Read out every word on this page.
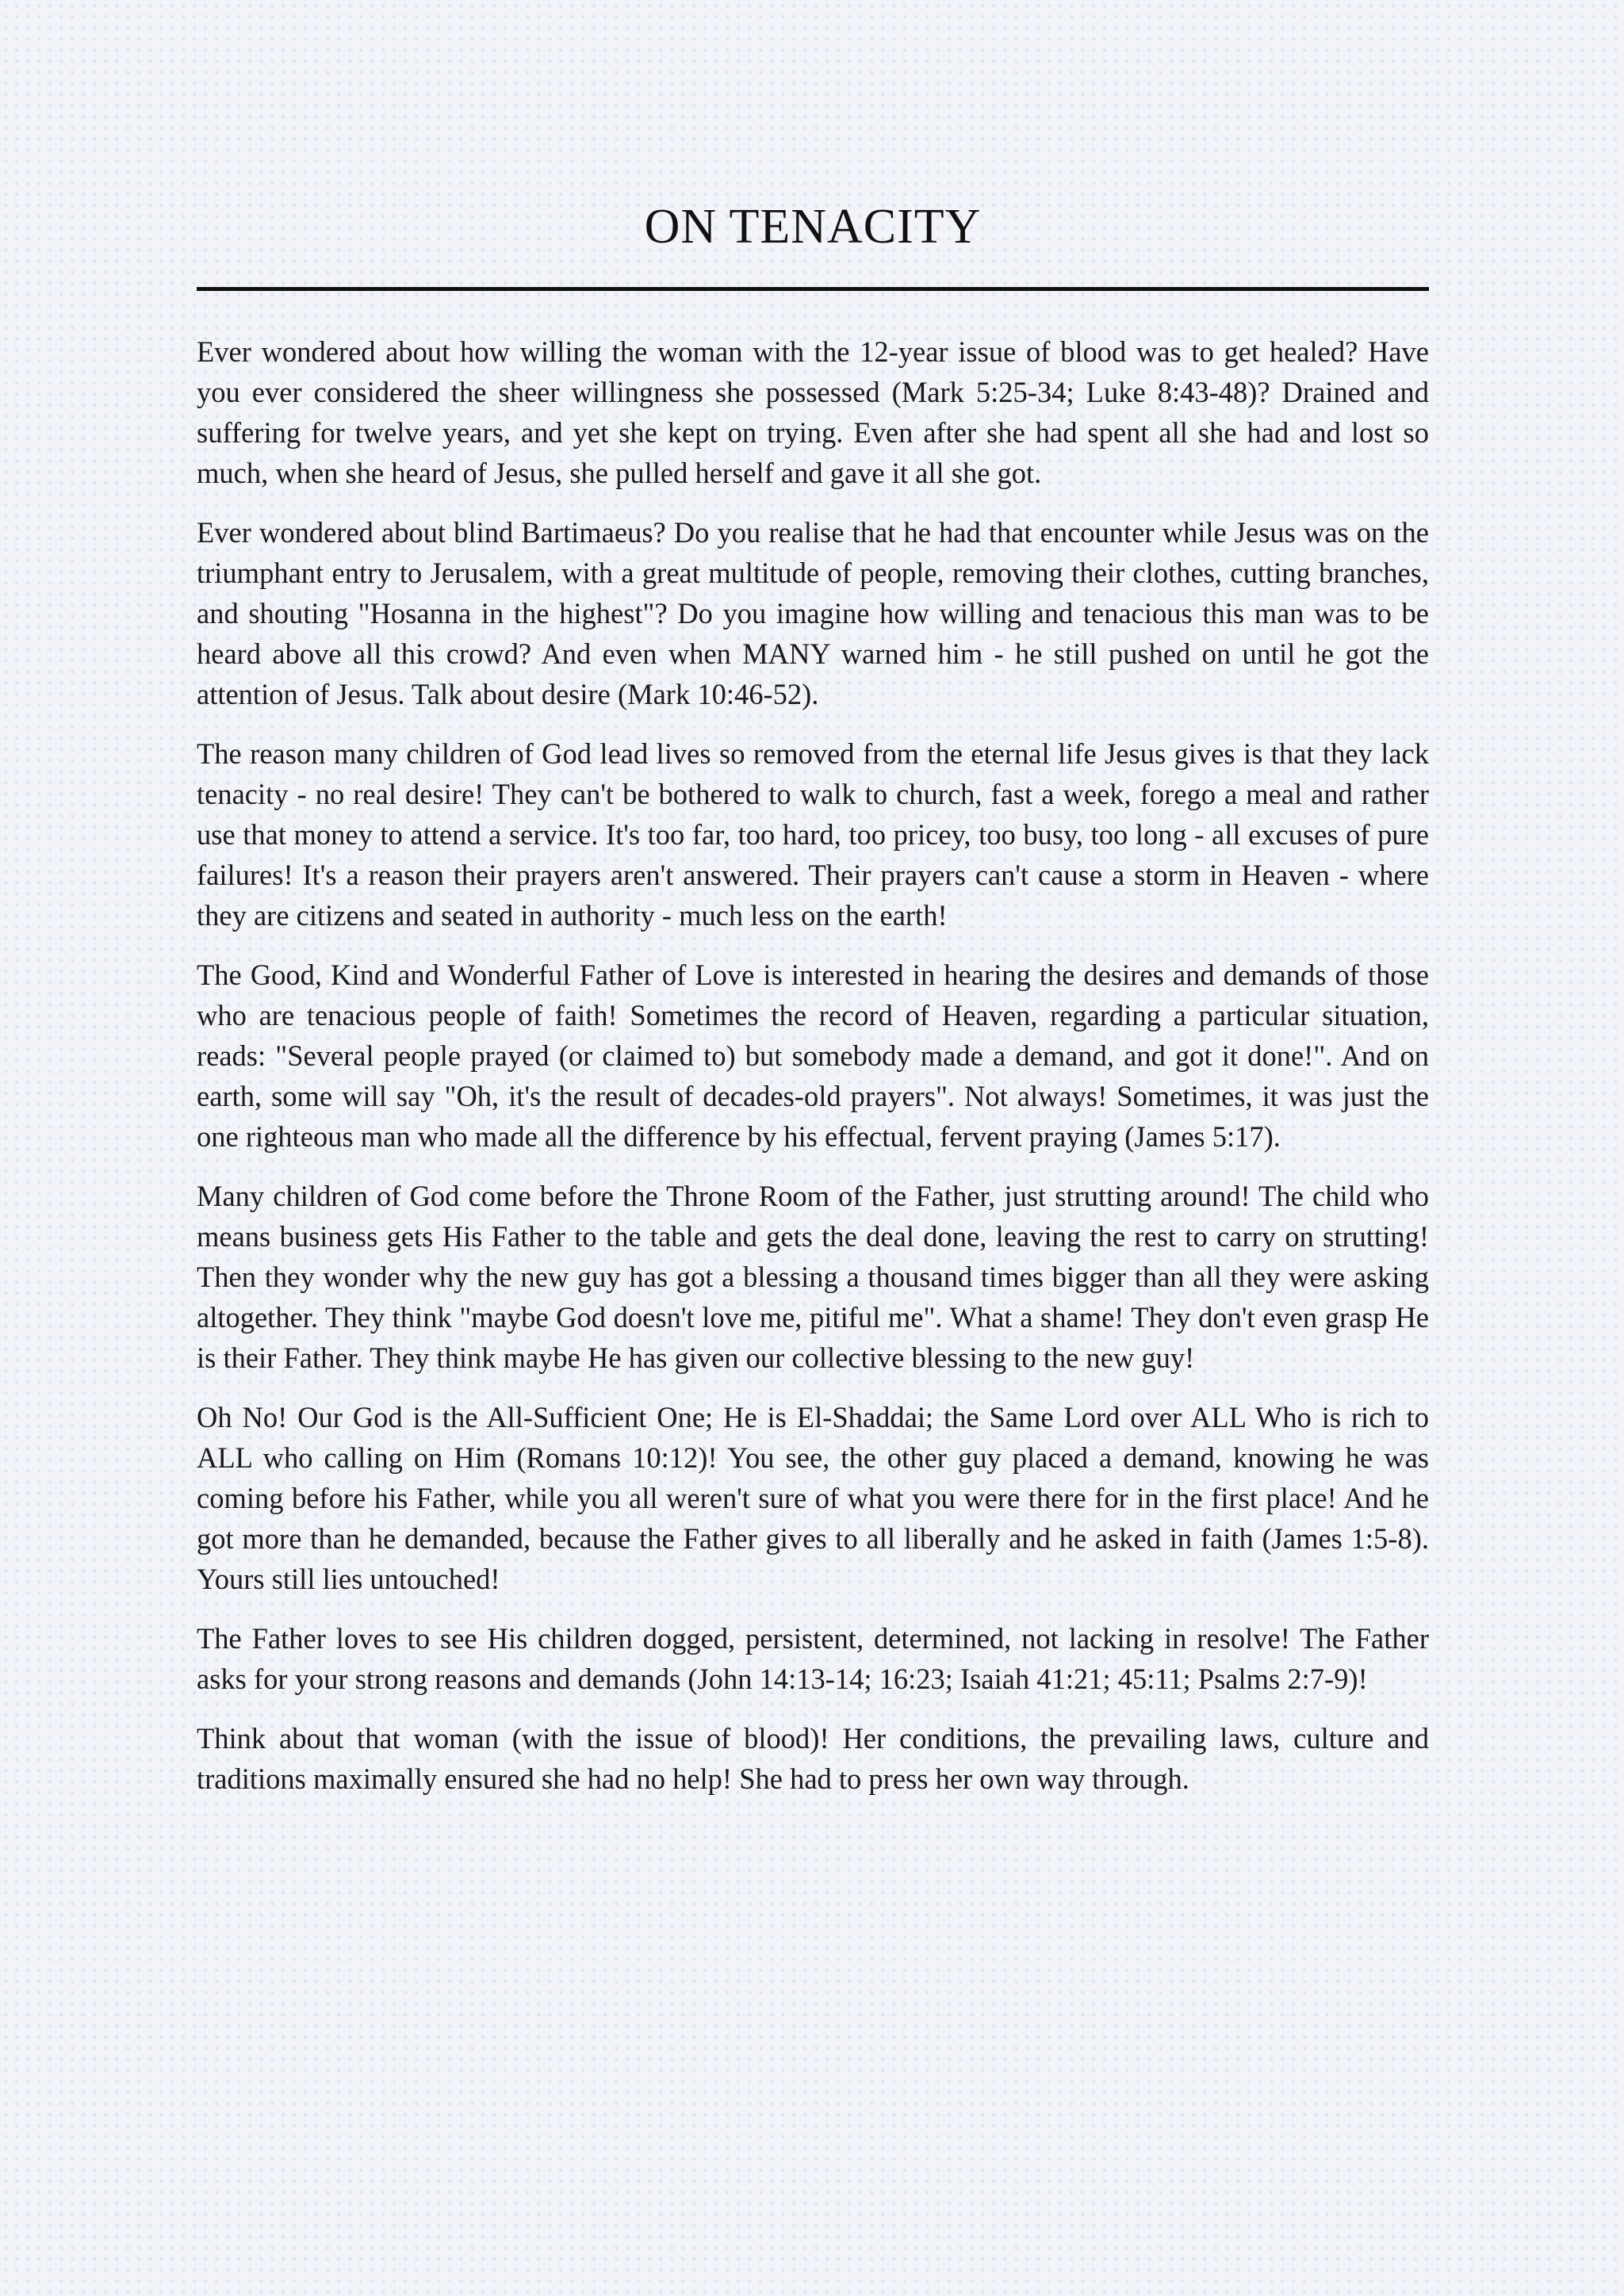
ON TENACITY

Ever wondered about how willing the woman with the 12-year issue of blood was to get healed? Have you ever considered the sheer willingness she possessed (Mark 5:25-34; Luke 8:43-48)? Drained and suffering for twelve years, and yet she kept on trying. Even after she had spent all she had and lost so much, when she heard of Jesus, she pulled herself and gave it all she got.

Ever wondered about blind Bartimaeus? Do you realise that he had that encounter while Jesus was on the triumphant entry to Jerusalem, with a great multitude of people, removing their clothes, cutting branches, and shouting "Hosanna in the highest"? Do you imagine how willing and tenacious this man was to be heard above all this crowd? And even when MANY warned him - he still pushed on until he got the attention of Jesus. Talk about desire (Mark 10:46-52).

The reason many children of God lead lives so removed from the eternal life Jesus gives is that they lack tenacity - no real desire! They can't be bothered to walk to church, fast a week, forego a meal and rather use that money to attend a service. It's too far, too hard, too pricey, too busy, too long - all excuses of pure failures! It's a reason their prayers aren't answered. Their prayers can't cause a storm in Heaven - where they are citizens and seated in authority - much less on the earth!

The Good, Kind and Wonderful Father of Love is interested in hearing the desires and demands of those who are tenacious people of faith! Sometimes the record of Heaven, regarding a particular situation, reads: "Several people prayed (or claimed to) but somebody made a demand, and got it done!". And on earth, some will say "Oh, it's the result of decades-old prayers". Not always! Sometimes, it was just the one righteous man who made all the difference by his effectual, fervent praying (James 5:17).

Many children of God come before the Throne Room of the Father, just strutting around! The child who means business gets His Father to the table and gets the deal done, leaving the rest to carry on strutting! Then they wonder why the new guy has got a blessing a thousand times bigger than all they were asking altogether. They think "maybe God doesn't love me, pitiful me". What a shame! They don't even grasp He is their Father. They think maybe He has given our collective blessing to the new guy!

Oh No! Our God is the All-Sufficient One; He is El-Shaddai; the Same Lord over ALL Who is rich to ALL who calling on Him (Romans 10:12)! You see, the other guy placed a demand, knowing he was coming before his Father, while you all weren't sure of what you were there for in the first place! And he got more than he demanded, because the Father gives to all liberally and he asked in faith (James 1:5-8). Yours still lies untouched!

The Father loves to see His children dogged, persistent, determined, not lacking in resolve! The Father asks for your strong reasons and demands (John 14:13-14; 16:23; Isaiah 41:21; 45:11; Psalms 2:7-9)!

Think about that woman (with the issue of blood)! Her conditions, the prevailing laws, culture and traditions maximally ensured she had no help! She had to press her own way through.
